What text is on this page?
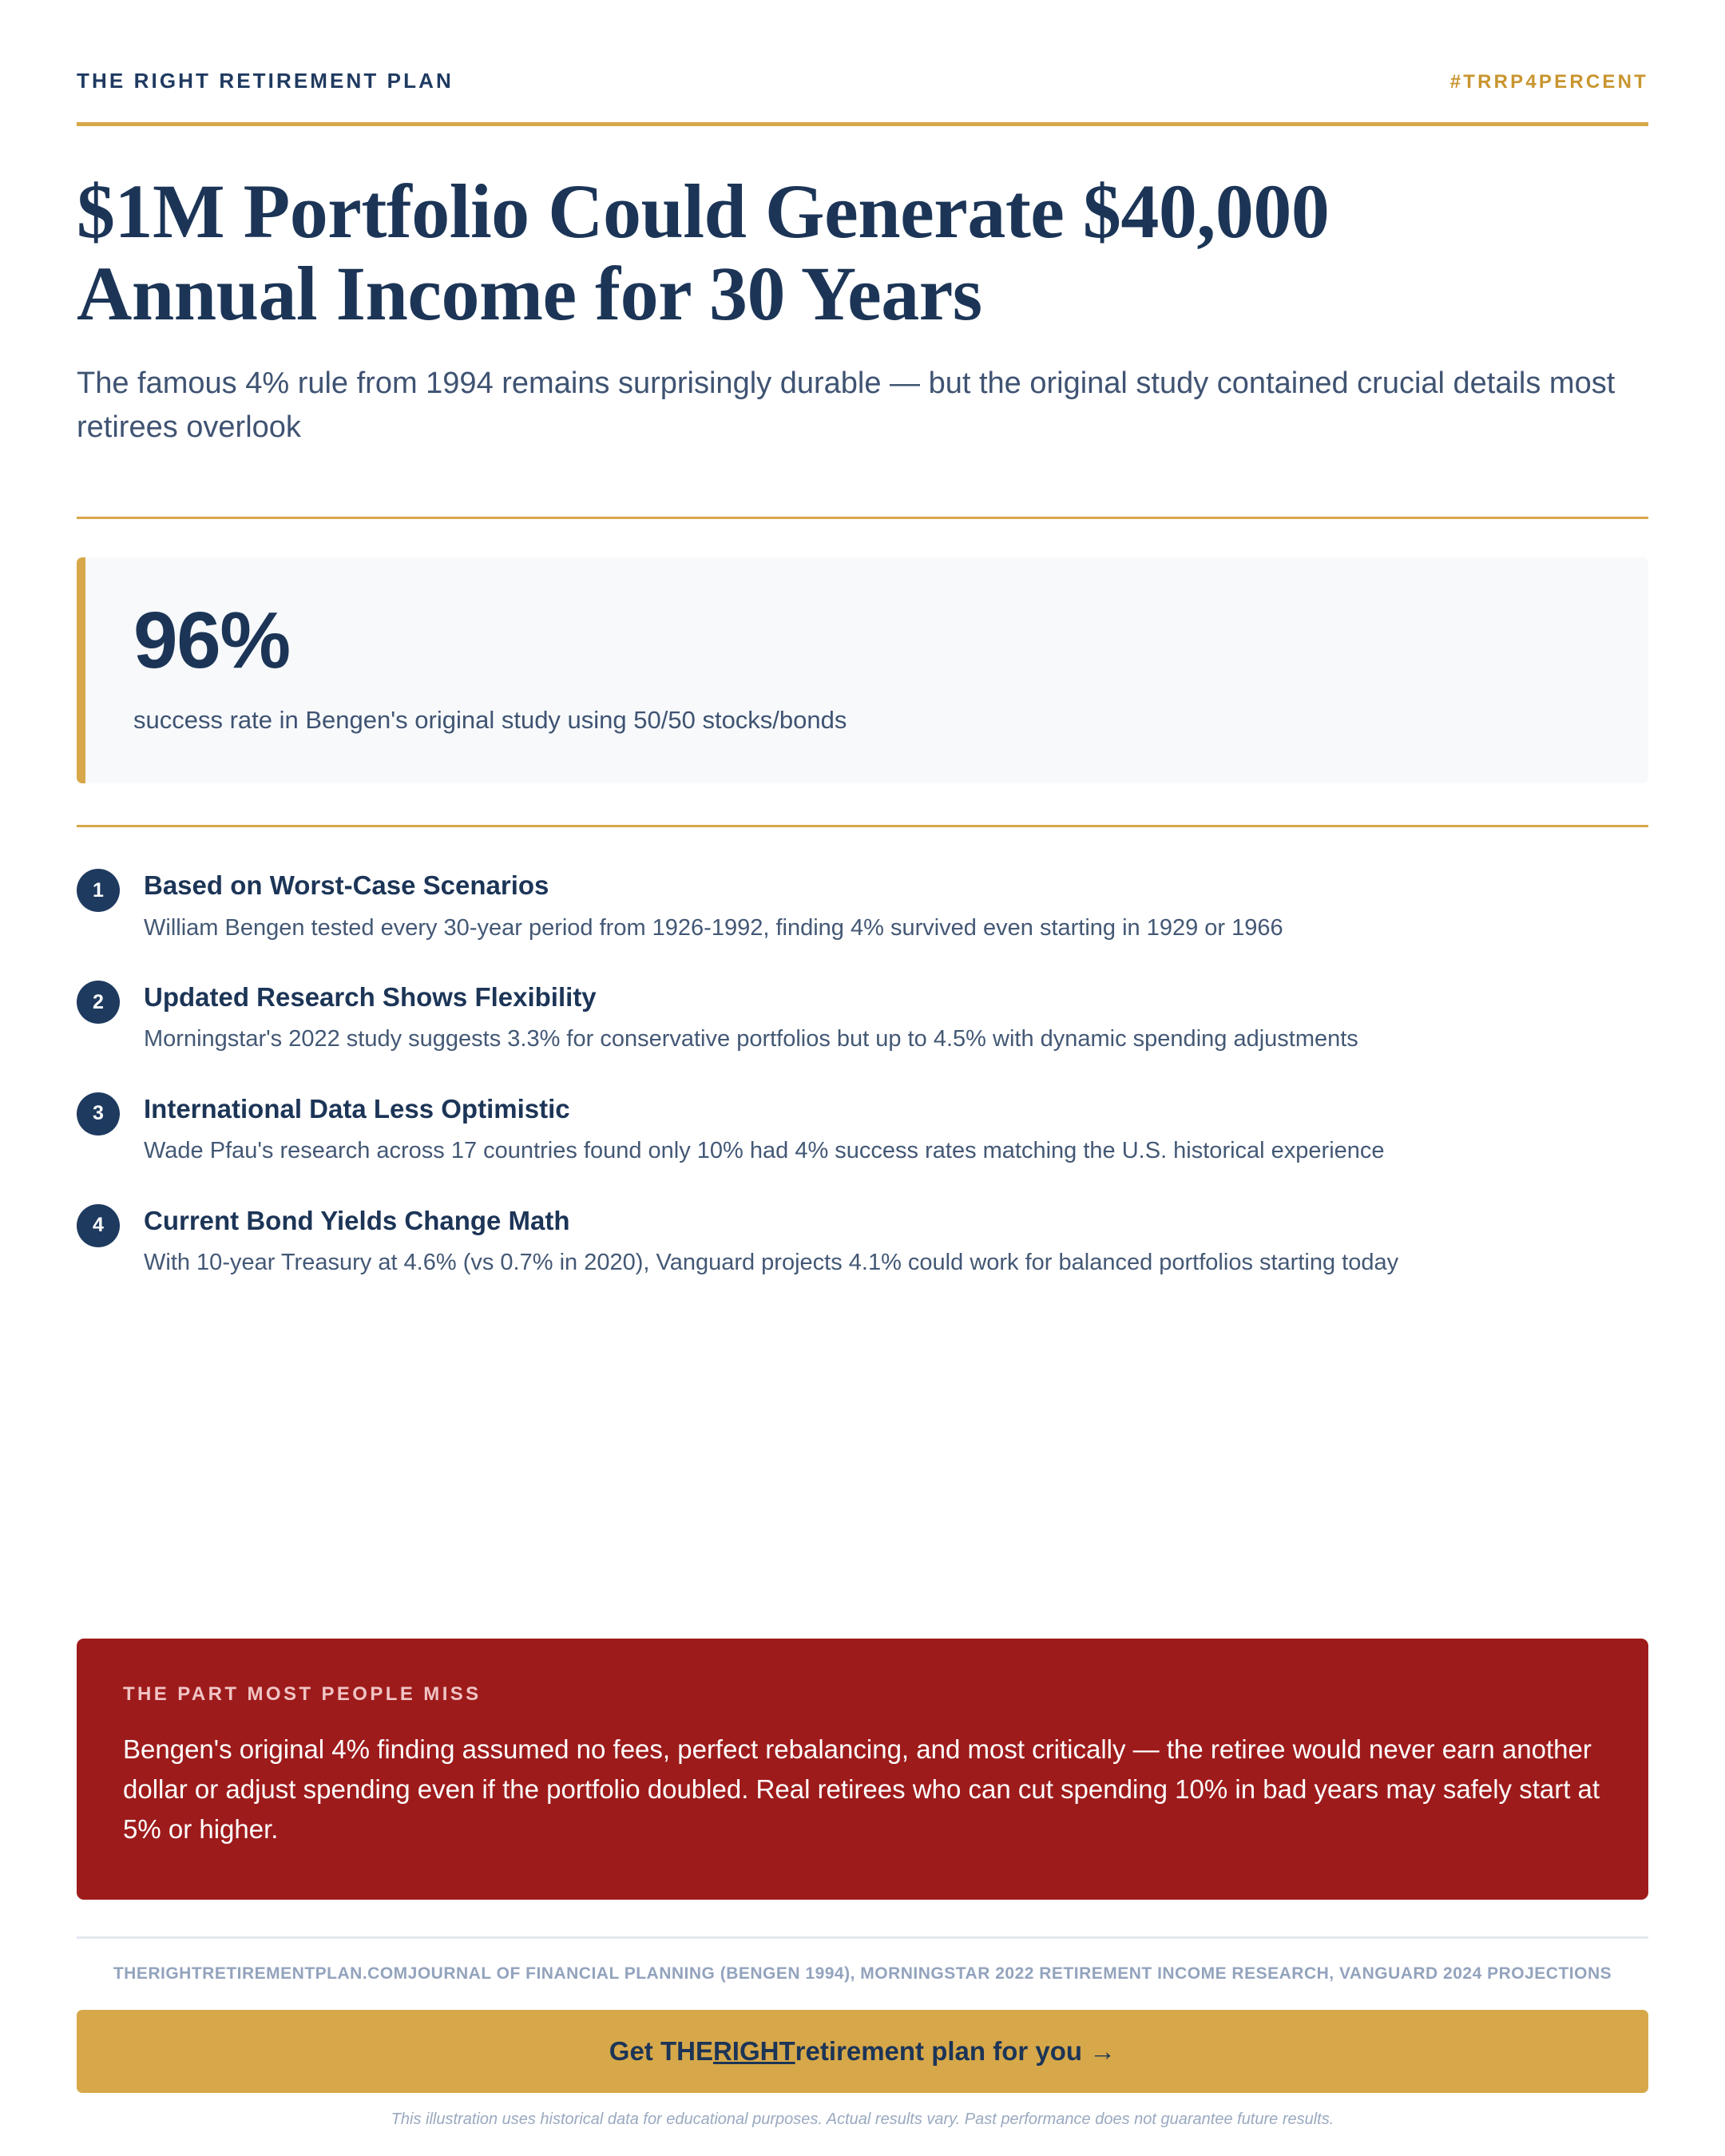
THE RIGHT RETIREMENT PLAN	#TRRP4PERCENT
$1M Portfolio Could Generate $40,000 Annual Income for 30 Years

The famous 4% rule from 1994 remains surprisingly durable — but the original study contained crucial details most retirees overlook

96%
success rate in Bengen's original study using 50/50 stocks/bonds
1	Based on Worst-Case Scenarios
William Bengen tested every 30-year period from 1926-1992, finding 4% survived even starting in 1929 or 1966
2	Updated Research Shows Flexibility
Morningstar's 2022 study suggests 3.3% for conservative portfolios but up to 4.5% with dynamic spending adjustments
3	International Data Less Optimistic
Wade Pfau's research across 17 countries found only 10% had 4% success rates matching the U.S. historical experience
4	Current Bond Yields Change Math
With 10-year Treasury at 4.6% (vs 0.7% in 2020), Vanguard projects 4.1% could work for balanced portfolios starting today
THE PART MOST PEOPLE MISS
Bengen's original 4% finding assumed no fees, perfect rebalancing, and most critically — the retiree would never earn another dollar or adjust spending even if the portfolio doubled. Real retirees who can cut spending 10% in bad years may safely start at 5% or higher.
THERIGHTRETIREMENTPLAN.COMJOURNAL OF FINANCIAL PLANNING (BENGEN 1994), MORNINGSTAR 2022 RETIREMENT INCOME RESEARCH, VANGUARD 2024 PROJECTIONS
Get THE RIGHT retirement plan for you →
This illustration uses historical data for educational purposes. Actual results vary. Past performance does not guarantee future results.
